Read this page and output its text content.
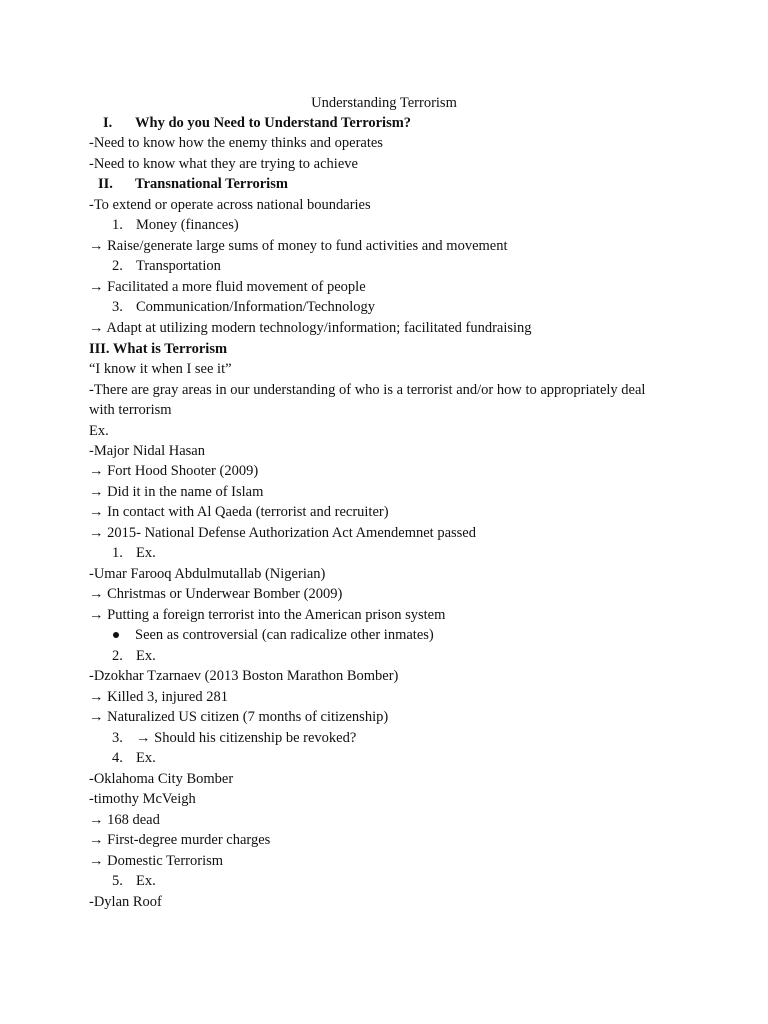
Understanding Terrorism
I. Why do you Need to Understand Terrorism?
-Need to know how the enemy thinks and operates
-Need to know what they are trying to achieve
II. Transnational Terrorism
-To extend or operate across national boundaries
1. Money (finances)
→ Raise/generate large sums of money to fund activities and movement
2. Transportation
→ Facilitated a more fluid movement of people
3. Communication/Information/Technology
→ Adapt at utilizing modern technology/information; facilitated fundraising
III. What is Terrorism
“I know it when I see it”
-There are gray areas in our understanding of who is a terrorist and/or how to appropriately deal
with terrorism
Ex.
-Major Nidal Hasan
→ Fort Hood Shooter (2009)
→ Did it in the name of Islam
→ In contact with Al Qaeda (terrorist and recruiter)
→ 2015- National Defense Authorization Act Amendemnet passed
1. Ex.
-Umar Farooq Abdulmutallab (Nigerian)
→ Christmas or Underwear Bomber (2009)
→ Putting a foreign terrorist into the American prison system
Seen as controversial (can radicalize other inmates)
2. Ex.
-Dzokhar Tzarnaev (2013 Boston Marathon Bomber)
→ Killed 3, injured 281
→ Naturalized US citizen (7 months of citizenship)
3. → Should his citizenship be revoked?
4. Ex.
-Oklahoma City Bomber
-timothy McVeigh
→ 168 dead
→ First-degree murder charges
→ Domestic Terrorism
5. Ex.
-Dylan Roof
